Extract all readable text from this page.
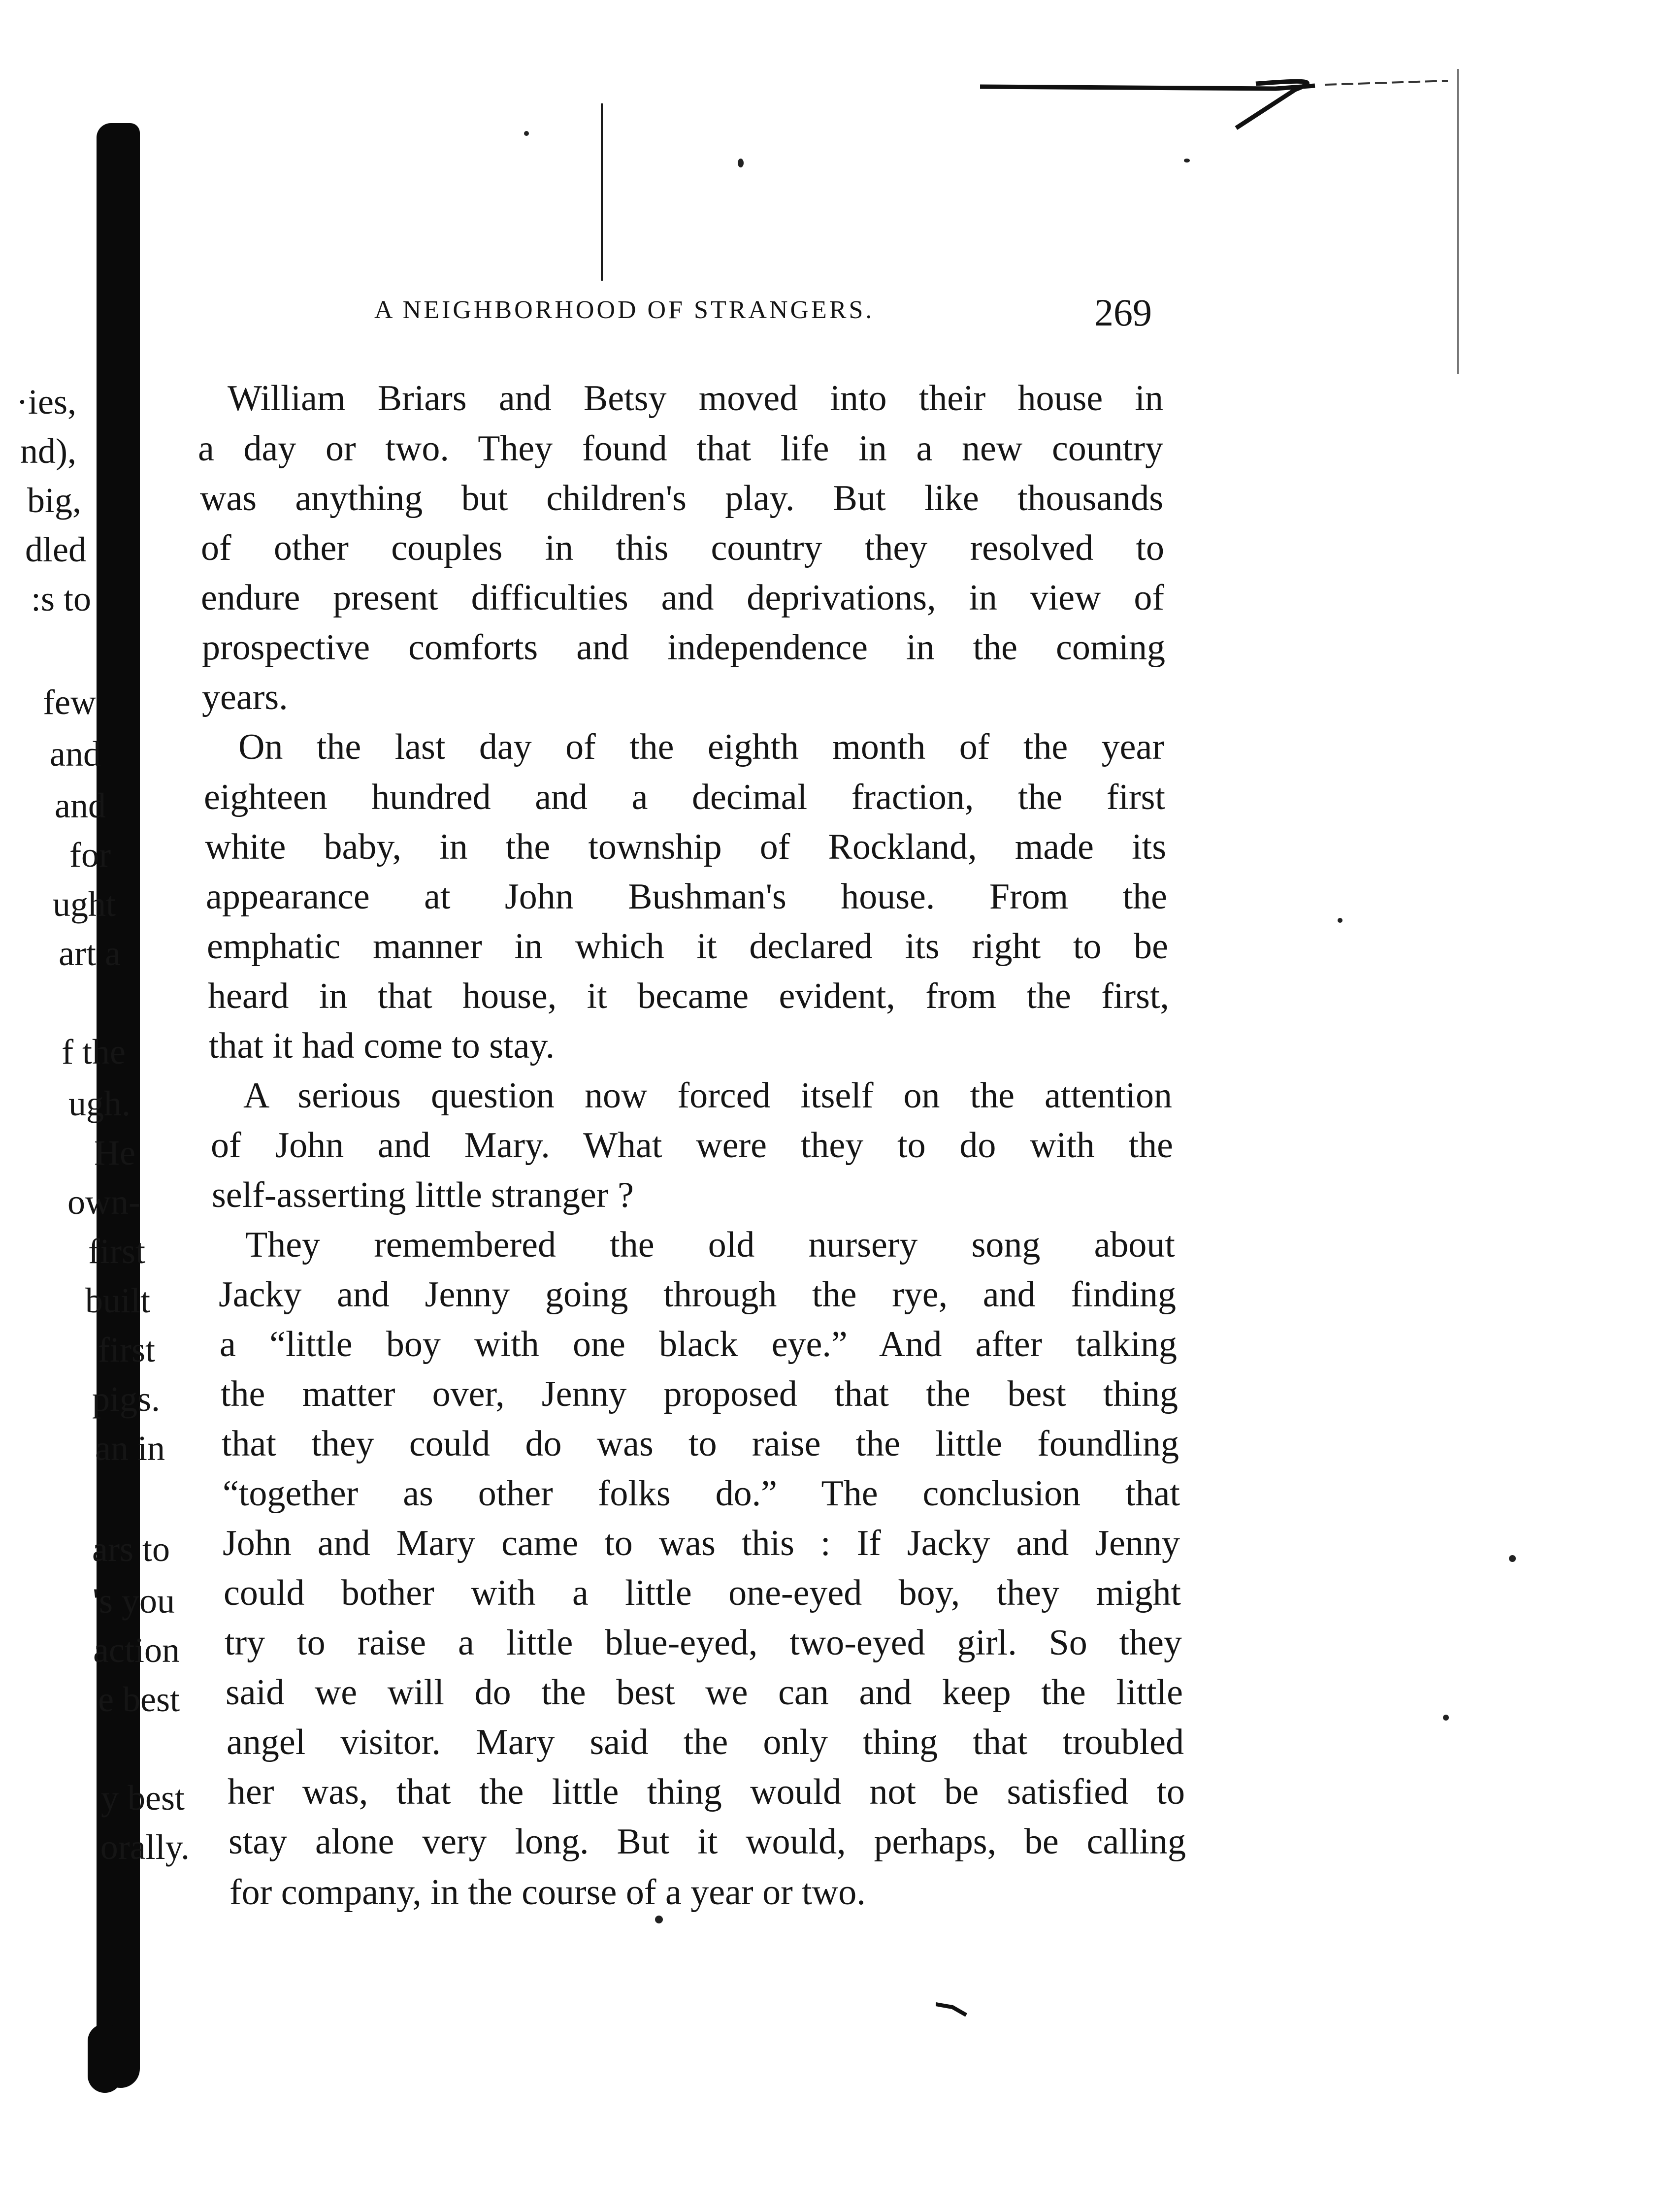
·ies,
nd),
big,
dled
:s to
few
and
and
for
ught
art a
f the
ugh.
He
own-
first
built
first
pigs.
an in
ars to
's you
action
e best
y best
orally.
A NEIGHBORHOOD OF STRANGERS.	269
William Briars and Betsy moved into their house in
a day or two. They found that life in a new country
was anything but children's play. But like thousands
of other couples in this country they resolved to
endure present difficulties and deprivations, in view of
prospective comforts and independence in the coming
years.
On the last day of the eighth month of the year
eighteen hundred and a decimal fraction, the first
white baby, in the township of Rockland, made its
appearance at John Bushman's house. From the
emphatic manner in which it declared its right to be
heard in that house, it became evident, from the first,
that it had come to stay.
A serious question now forced itself on the attention
of John and Mary. What were they to do with the
self-asserting little stranger ?
They remembered the old nursery song about
Jacky and Jenny going through the rye, and finding
a “little boy with one black eye.” And after talking
the matter over, Jenny proposed that the best thing
that they could do was to raise the little foundling
“together as other folks do.” The conclusion that
John and Mary came to was this : If Jacky and Jenny
could bother with a little one-eyed boy, they might
try to raise a little blue-eyed, two-eyed girl. So they
said we will do the best we can and keep the little
angel visitor. Mary said the only thing that troubled
her was, that the little thing would not be satisfied to
stay alone very long. But it would, perhaps, be calling
for company, in the course of a year or two.
